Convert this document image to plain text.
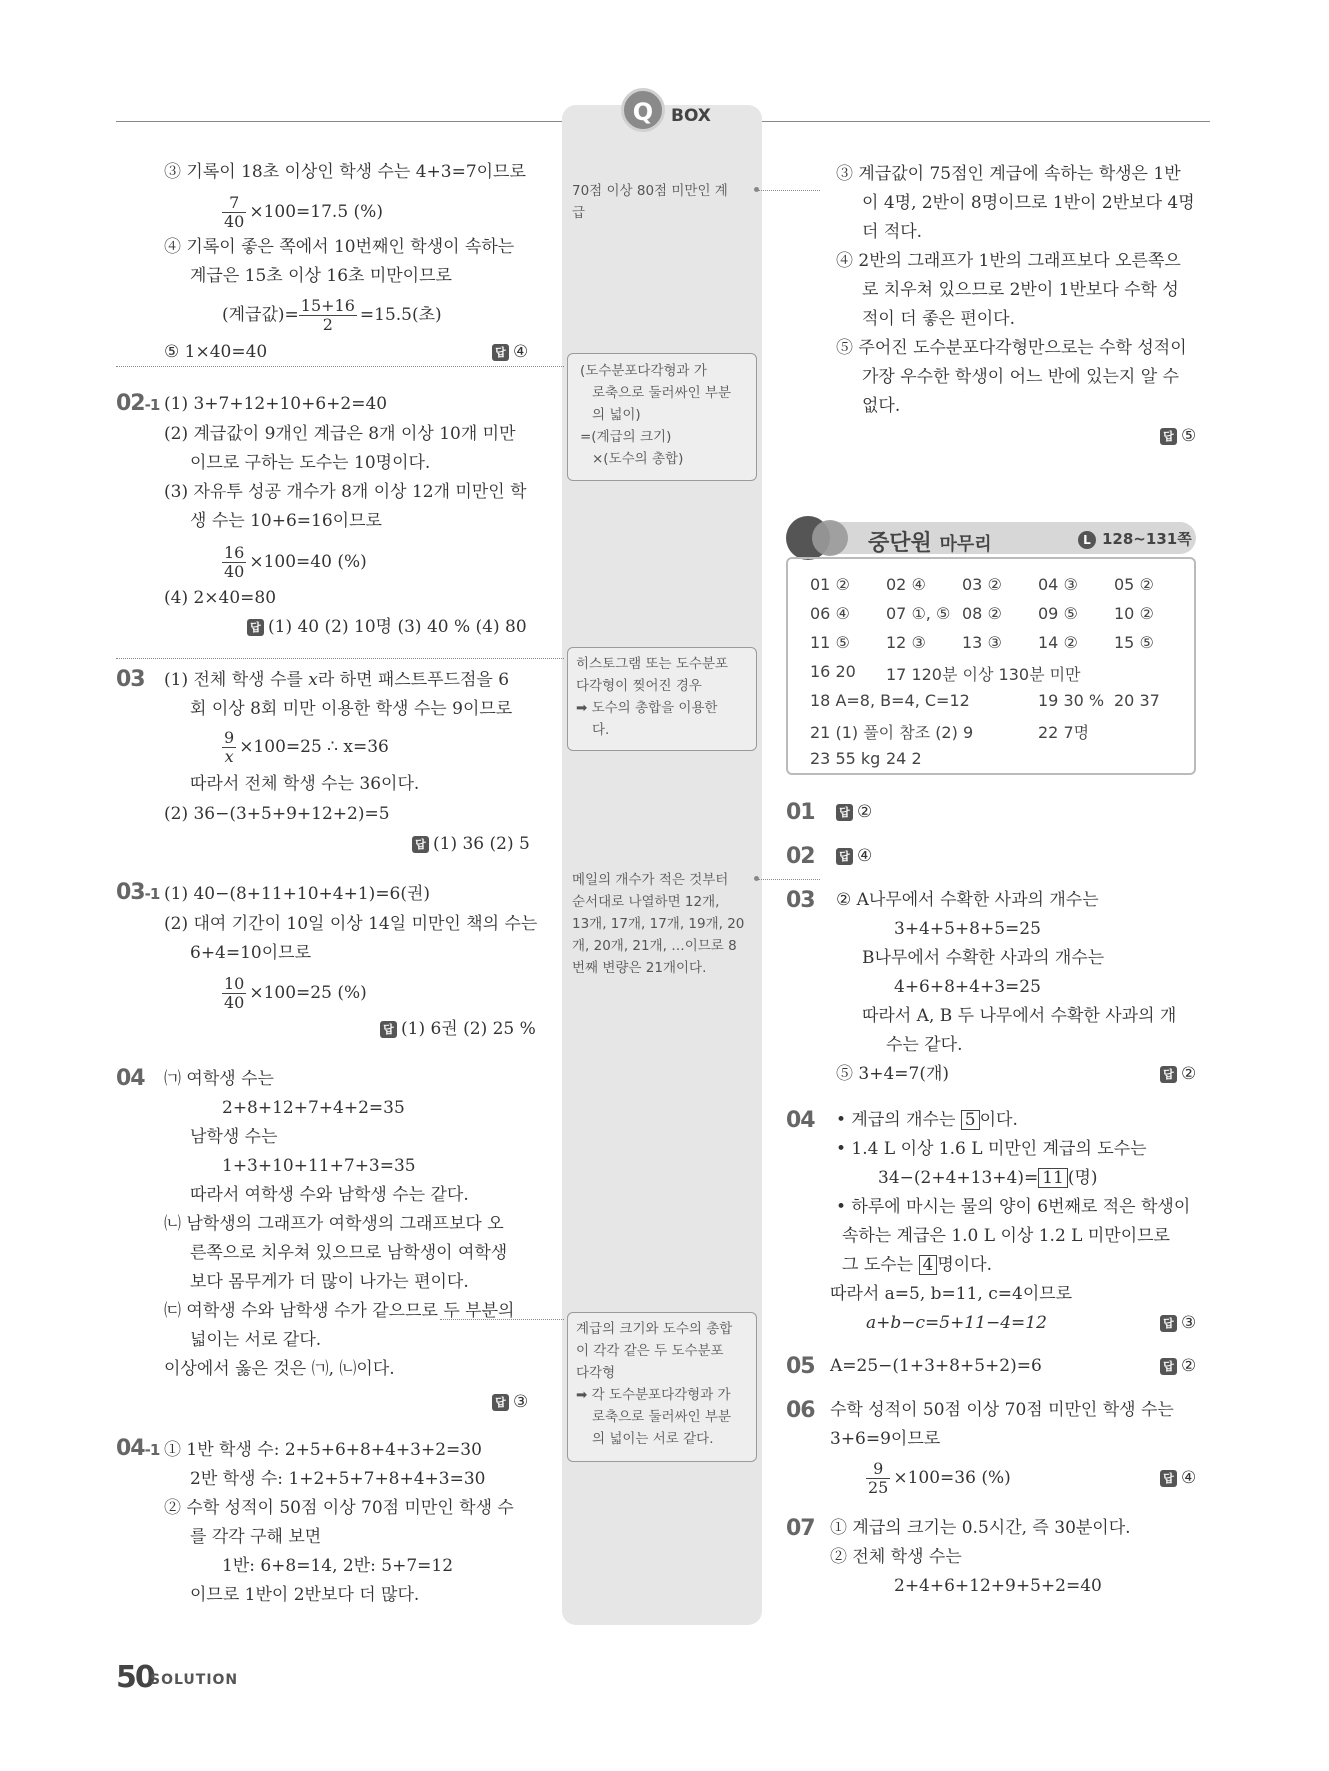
Q	BOX
③ 기록이 18초 이상인 학생 수는 4+3=7이므로
$\frac{7}{40} \times 100=17.5$ (%)
④ 기록이 좋은 쪽에서 10번째인 학생이 속하는
계급은 15초 이상 16초 미만이므로
(계급값)= $\frac{15+16}{2} =15.5$(초)
⑤ 1×40=40	답 ④
02-1 (1) 3+7+12+10+6+2=40
(2) 계급값이 9개인 계급은 8개 이상 10개 미만
이므로 구하는 도수는 10명이다.
(3) 자유투 성공 개수가 8개 이상 12개 미만인 학
생 수는 10+6=16이므로
$\frac{16}{40} \times 100=40$ (%)
(4) 2×40=80
답 (1) 40 (2) 10명 (3) 40 % (4) 80
03 (1) 전체 학생 수를 x라 하면 패스트푸드점을 6
회 이상 8회 미만 이용한 학생 수는 9이므로
$\frac{9}{x} \times 100=25$ ∴ x=36
따라서 전체 학생 수는 36이다.
(2) 36−(3+5+9+12+2)=5
답 (1) 36 (2) 5
03-1 (1) 40−(8+11+10+4+1)=6(권)
(2) 대여 기간이 10일 이상 14일 미만인 책의 수는
6+4=10이므로
$\frac{10}{40} \times 100=25$ (%)
답 (1) 6권 (2) 25 %
04 ㈀ 여학생 수는
2+8+12+7+4+2=35
남학생 수는
1+3+10+11+7+3=35
따라서 여학생 수와 남학생 수는 같다.
㈁ 남학생의 그래프가 여학생의 그래프보다 오
른쪽으로 치우쳐 있으므로 남학생이 여학생
보다 몸무게가 더 많이 나가는 편이다.
㈂ 여학생 수와 남학생 수가 같으므로 두 부분의
넓이는 서로 같다.
이상에서 옳은 것은 ㈀, ㈁이다.
답 ③
04-1 ① 1반 학생 수: 2+5+6+8+4+3+2=30
2반 학생 수: 1+2+5+7+8+4+3=30
② 수학 성적이 50점 이상 70점 미만인 학생 수
를 각각 구해 보면
1반: 6+8=14, 2반: 5+7=12
이므로 1반이 2반보다 더 많다.
70점 이상 80점 미만인 계
급
(도수분포다각형과 가
로축으로 둘러싸인 부분
의 넓이)
=(계급의 크기)
×(도수의 총합)
히스토그램 또는 도수분포
다각형이 찢어진 경우
➡ 도수의 총합을 이용한
다.
메일의 개수가 적은 것부터
순서대로 나열하면 12개,
13개, 17개, 17개, 19개, 20
개, 20개, 21개, …이므로 8
번째 변량은 21개이다.
계급의 크기와 도수의 총합
이 각각 같은 두 도수분포
다각형
➡ 각 도수분포다각형과 가
로축으로 둘러싸인 부분
의 넓이는 서로 같다.
③ 계급값이 75점인 계급에 속하는 학생은 1반
이 4명, 2반이 8명이므로 1반이 2반보다 4명
더 적다.
④ 2반의 그래프가 1반의 그래프보다 오른쪽으
로 치우쳐 있으므로 2반이 1반보다 수학 성
적이 더 좋은 편이다.
⑤ 주어진 도수분포다각형만으로는 수학 성적이
가장 우수한 학생이 어느 반에 있는지 알 수
없다.
답 ⑤
중단원 마무리	L 128~131쪽
01 ② 02 ④ 03 ② 04 ③ 05 ②
06 ④ 07 ①, ⑤ 08 ② 09 ⑤ 10 ②
11 ⑤ 12 ③ 13 ③ 14 ② 15 ⑤
16 20 17 120분 이상 130분 미만
18 A=8, B=4, C=12	19 30 % 20 37
21 (1) 풀이 참조 (2) 9	22 7명
23 55 kg 24 2
01 답 ②
02 답 ④
03 ② A나무에서 수확한 사과의 개수는
3+4+5+8+5=25
B나무에서 수확한 사과의 개수는
4+6+8+4+3=25
따라서 A, B 두 나무에서 수확한 사과의 개
수는 같다.
⑤ 3+4=7(개)	답 ②
04 • 계급의 개수는 5 이다.
• 1.4 L 이상 1.6 L 미만인 계급의 도수는
34−(2+4+13+4)= 11 (명)
• 하루에 마시는 물의 양이 6번째로 적은 학생이
속하는 계급은 1.0 L 이상 1.2 L 미만이므로
그 도수는 4 명이다.
따라서 a=5, b=11, c=4이므로
a+b−c=5+11−4=12	답 ③
05 A=25−(1+3+8+5+2)=6	답 ②
06 수학 성적이 50점 이상 70점 미만인 학생 수는
3+6=9이므로
$\frac{9}{25} \times 100=36$ (%)	답 ④
07 ① 계급의 크기는 0.5시간, 즉 30분이다.
② 전체 학생 수는
2+4+6+12+9+5+2=40
50
SOLUTION
